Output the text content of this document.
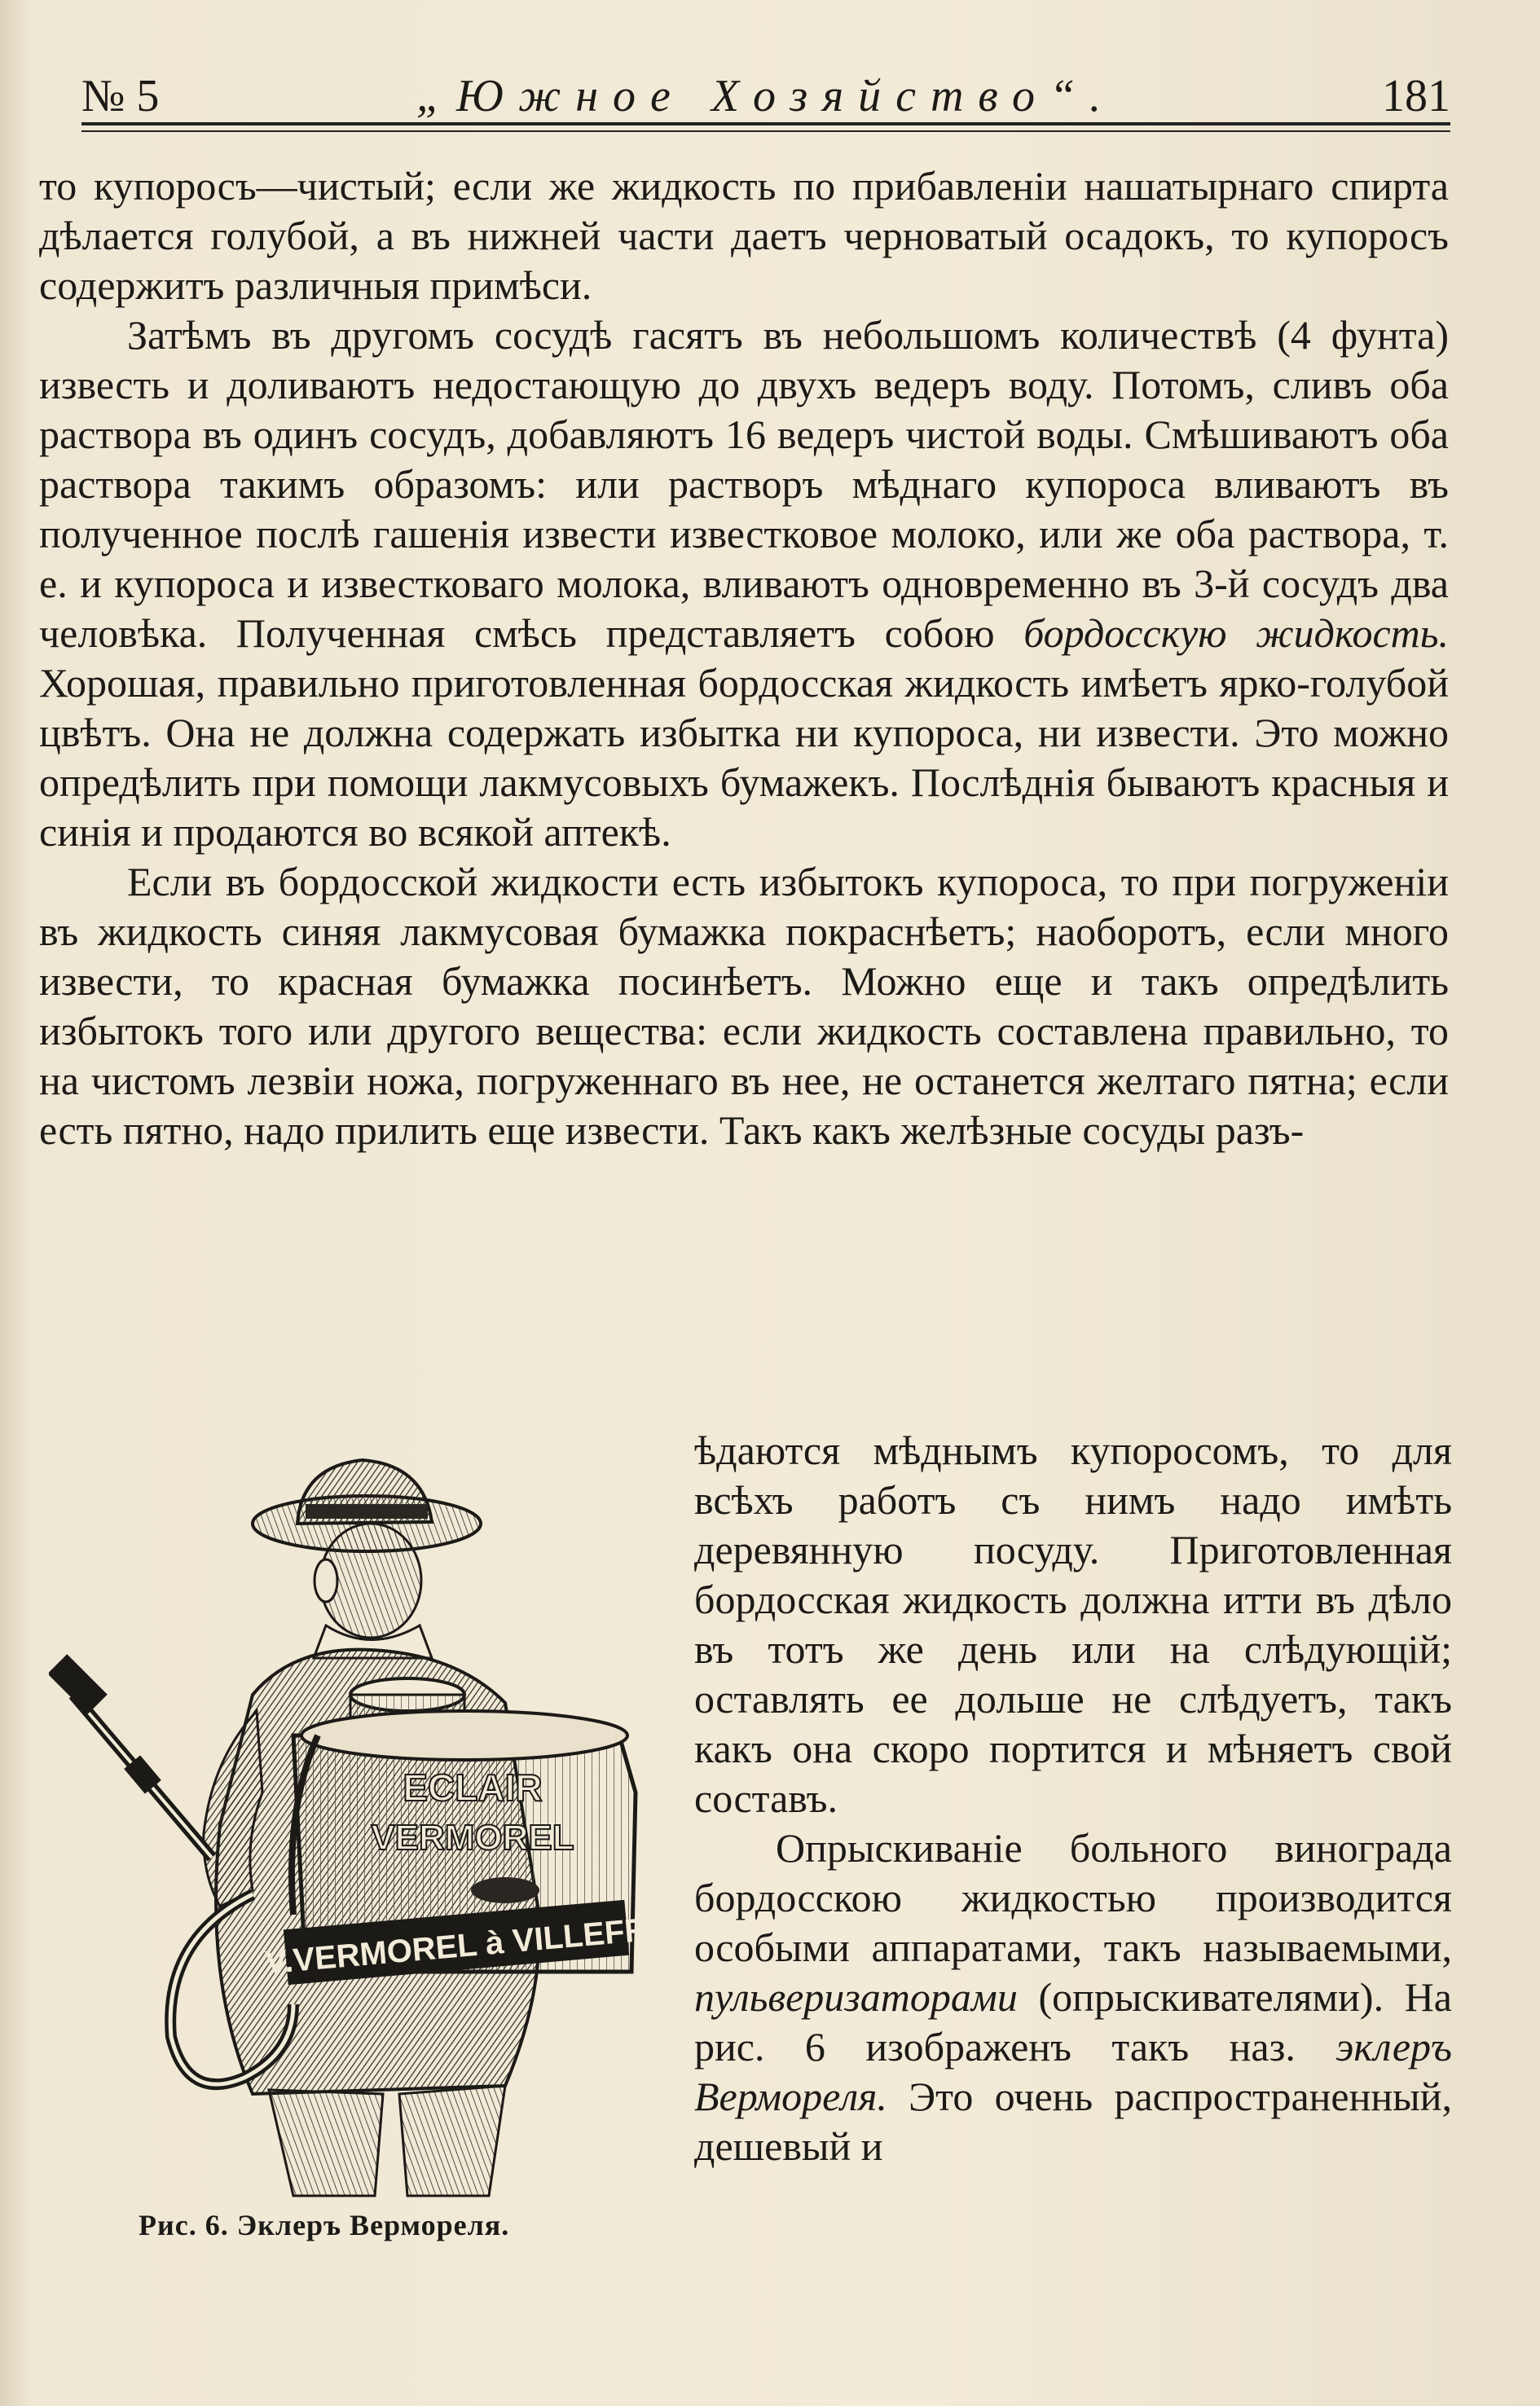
№ 5	„Южное Хозяйство“.	181

то купоросъ—чистый; если же жидкость по прибавленіи нашатырнаго спирта дѣлается голубой, а въ нижней части даетъ черноватый осадокъ, то купоросъ содержитъ различныя примѣси.

Затѣмъ въ другомъ сосудѣ гасятъ въ небольшомъ количествѣ (4 фунта) известь и доливаютъ недостающую до двухъ ведеръ воду. Потомъ, сливъ оба раствора въ одинъ сосудъ, добавляютъ 16 ведеръ чистой воды. Смѣшиваютъ оба раствора такимъ образомъ: или растворъ мѣднаго купороса вливаютъ въ полученное послѣ гашенія извести известковое молоко, или же оба раствора, т. е. и купороса и известковаго молока, вливаютъ одновременно въ 3-й сосудъ два человѣка. Полученная смѣсь представляетъ собою бордосскую жидкость. Хорошая, правильно приготовленная бордосская жидкость имѣетъ ярко-голубой цвѣтъ. Она не должна содержать избытка ни купороса, ни извести. Это можно опредѣлить при помощи лакмусовыхъ бумажекъ. Послѣднія бываютъ красныя и синія и продаются во всякой аптекѣ.

Если въ бордосской жидкости есть избытокъ купороса, то при погруженіи въ жидкость синяя лакмусовая бумажка покраснѣетъ; наоборотъ, если много извести, то красная бумажка посинѣетъ. Можно еще и такъ опредѣлить избытокъ того или другого вещества: если жидкость составлена правильно, то на чистомъ лезвіи ножа, погруженнаго въ нее, не останется желтаго пятна; если есть пятно, надо прилить еще извести. Такъ какъ желѣзные сосуды разъ-

ECLAIR
VERMOREL
V.VERMOREL à VILLEFR
Рис. 6. Эклеръ Верморeля.

ѣдаются мѣднымъ купоросомъ, то для всѣхъ работъ съ нимъ надо имѣть деревянную посуду. Приготовленная бордосская жидкость должна итти въ дѣло въ тотъ же день или на слѣдующій; оставлять ее дольше не слѣдуетъ, такъ какъ она скоро портится и мѣняетъ свой составъ.

Опрыскиваніе больного винограда бордосскою жидкостью производится особыми аппаратами, такъ называемыми, пульверизаторами (опрыскивателями). На рис. 6 изображенъ такъ наз. эклеръ Верморeля. Это очень распространенный, дешевый и
